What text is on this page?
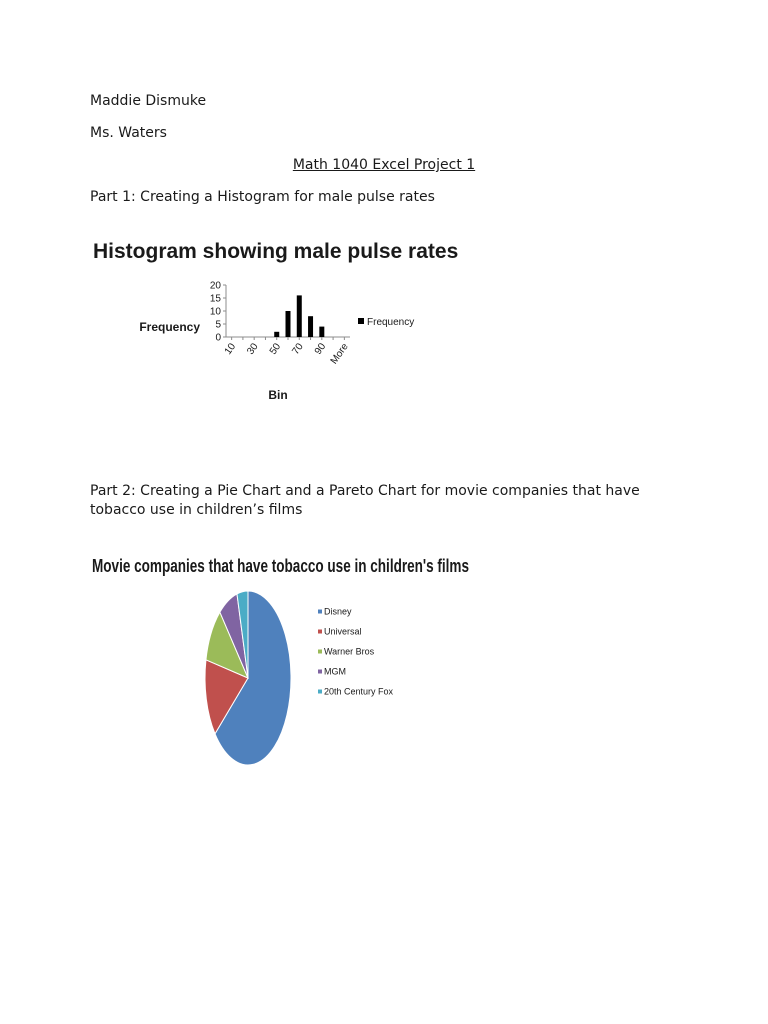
Maddie Dismuke

Ms. Waters

Math 1040 Excel Project 1

Part 1: Creating a Histogram for male pulse rates

Part 2: Creating a Pie Chart and a Pareto Chart for movie companies that have

tobacco use in children’s films

Histogram showing male pulse rates
Frequency
Bin
0
5
10
15
20
10 30 50 70 90 More
Frequency
Movie companies that have tobacco use in children's films
Disney
Universal
Warner Bros
MGM
20th Century Fox
